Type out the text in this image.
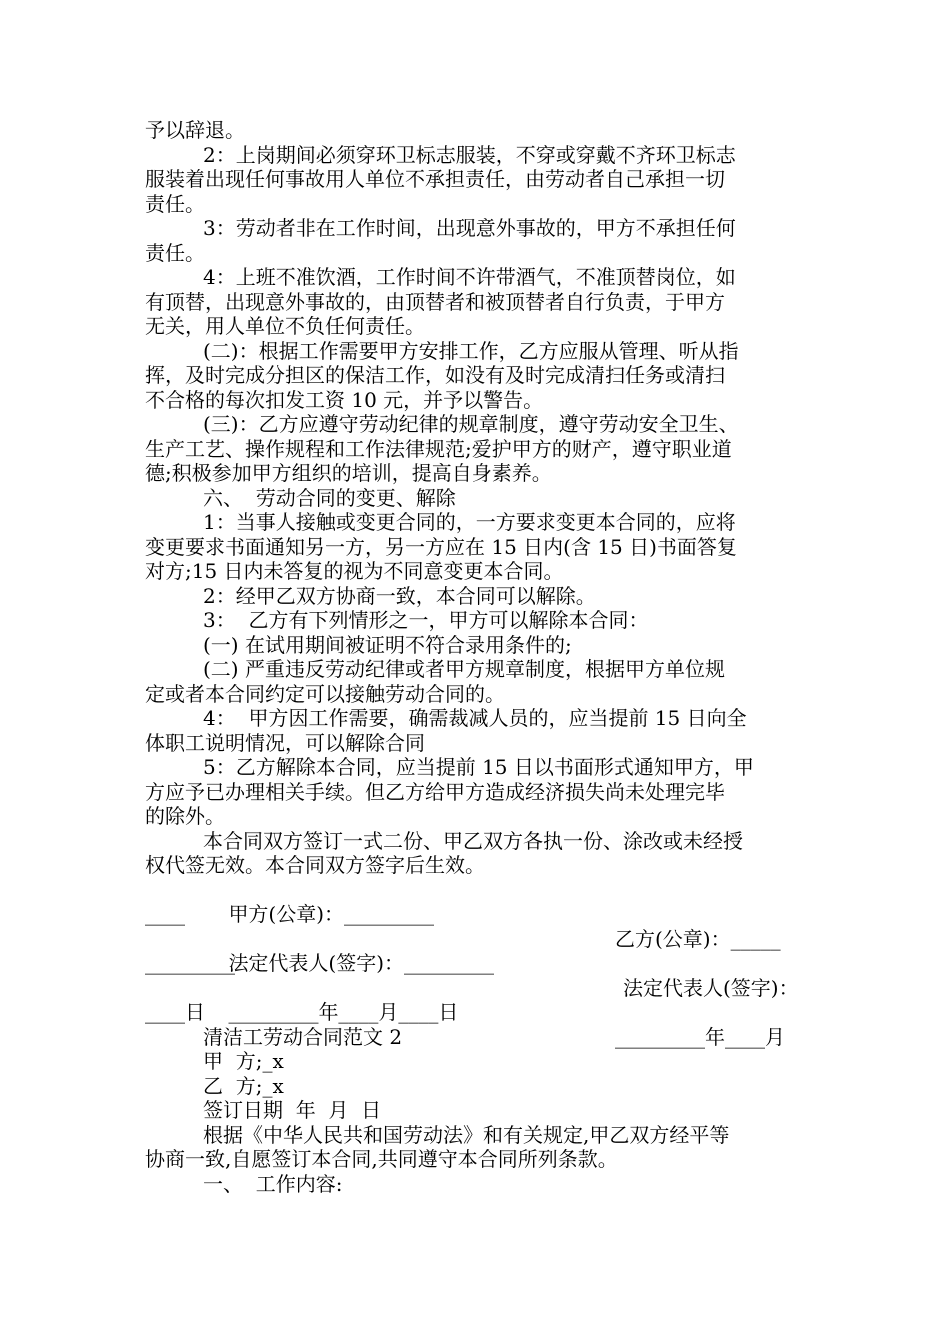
予以辞退。
2：上岗期间必须穿环卫标志服装，不穿或穿戴不齐环卫标志
服装着出现任何事故用人单位不承担责任，由劳动者自己承担一切
责任。
3：劳动者非在工作时间，出现意外事故的，甲方不承担任何
责任。
4：上班不准饮酒，工作时间不许带酒气，不准顶替岗位，如
有顶替，出现意外事故的，由顶替者和被顶替者自行负责，于甲方
无关，用人单位不负任何责任。
(二)：根据工作需要甲方安排工作，乙方应服从管理、听从指
挥，及时完成分担区的保洁工作，如没有及时完成清扫任务或清扫
不合格的每次扣发工资 10 元，并予以警告。
(三)：乙方应遵守劳动纪律的规章制度，遵守劳动安全卫生、
生产工艺、操作规程和工作法律规范;爱护甲方的财产，遵守职业道
德;积极参加甲方组织的培训，提高自身素养。
六、  劳动合同的变更、解除
1：当事人接触或变更合同的，一方要求变更本合同的，应将
变更要求书面通知另一方，另一方应在 15 日内(含 15 日)书面答复
对方;15 日内未答复的视为不同意变更本合同。
2：经甲乙双方协商一致，本合同可以解除。
3：  乙方有下列情形之一，甲方可以解除本合同：
(一) 在试用期间被证明不符合录用条件的;
(二) 严重违反劳动纪律或者甲方规章制度，根据甲方单位规
定或者本合同约定可以接触劳动合同的。
4：  甲方因工作需要，确需裁减人员的，应当提前 15 日向全
体职工说明情况，可以解除合同
5：乙方解除本合同，应当提前 15 日以书面形式通知甲方，甲
方应予已办理相关手续。但乙方给甲方造成经济损失尚未处理完毕
的除外。
本合同双方签订一式二份、甲乙双方各执一份、涂改或未经授
权代签无效。本合同双方签字后生效。

甲方(公章)：_________

乙方(公章)：_____

____

法定代表人(签字)：_________

法定代表人(签字)：

_________

_________年____月____日

_________年____月

____日
清洁工劳动合同范文 2
甲  方;_x
乙  方;_x
签订日期  年  月  日
根据《中华人民共和国劳动法》和有关规定,甲乙双方经平等
协商一致,自愿签订本合同,共同遵守本合同所列条款。
一、  工作内容:
